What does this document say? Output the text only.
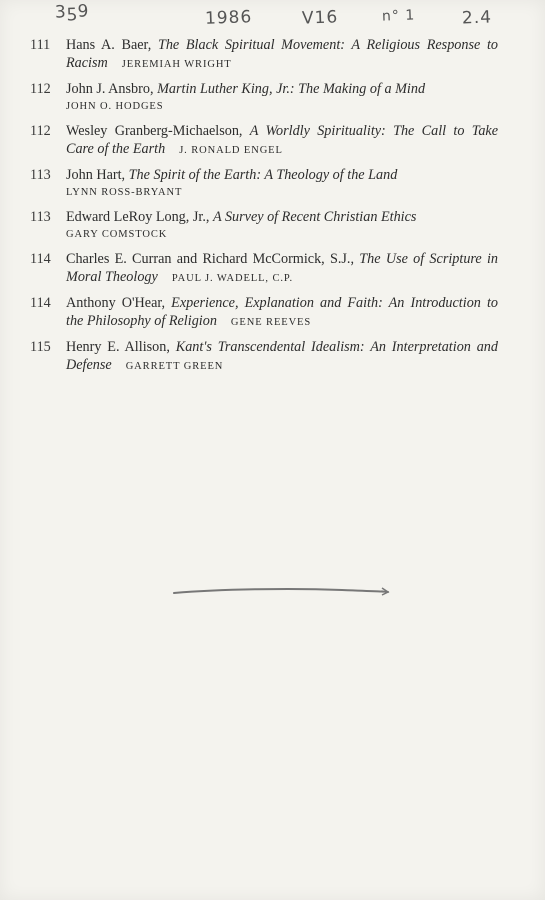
3ƽ9	1986	V16	n° 1	2.4
111	Hans A. Baer, The Black Spiritual Movement: A Religious Response to Racism JEREMIAH WRIGHT
112	John J. Ansbro, Martin Luther King, Jr.: The Making of a Mind
JOHN O. HODGES
112	Wesley Granberg-Michaelson, A Worldly Spirituality: The Call to Take Care of the Earth J. RONALD ENGEL
113	John Hart, The Spirit of the Earth: A Theology of the Land
LYNN ROSS-BRYANT
113	Edward LeRoy Long, Jr., A Survey of Recent Christian Ethics
GARY COMSTOCK
114	Charles E. Curran and Richard McCormick, S.J., The Use of Scripture in Moral Theology PAUL J. WADELL, C.P.
114	Anthony O'Hear, Experience, Explanation and Faith: An Introduction to the Philosophy of Religion GENE REEVES
115	Henry E. Allison, Kant's Transcendental Idealism: An Interpretation and Defense GARRETT GREEN
